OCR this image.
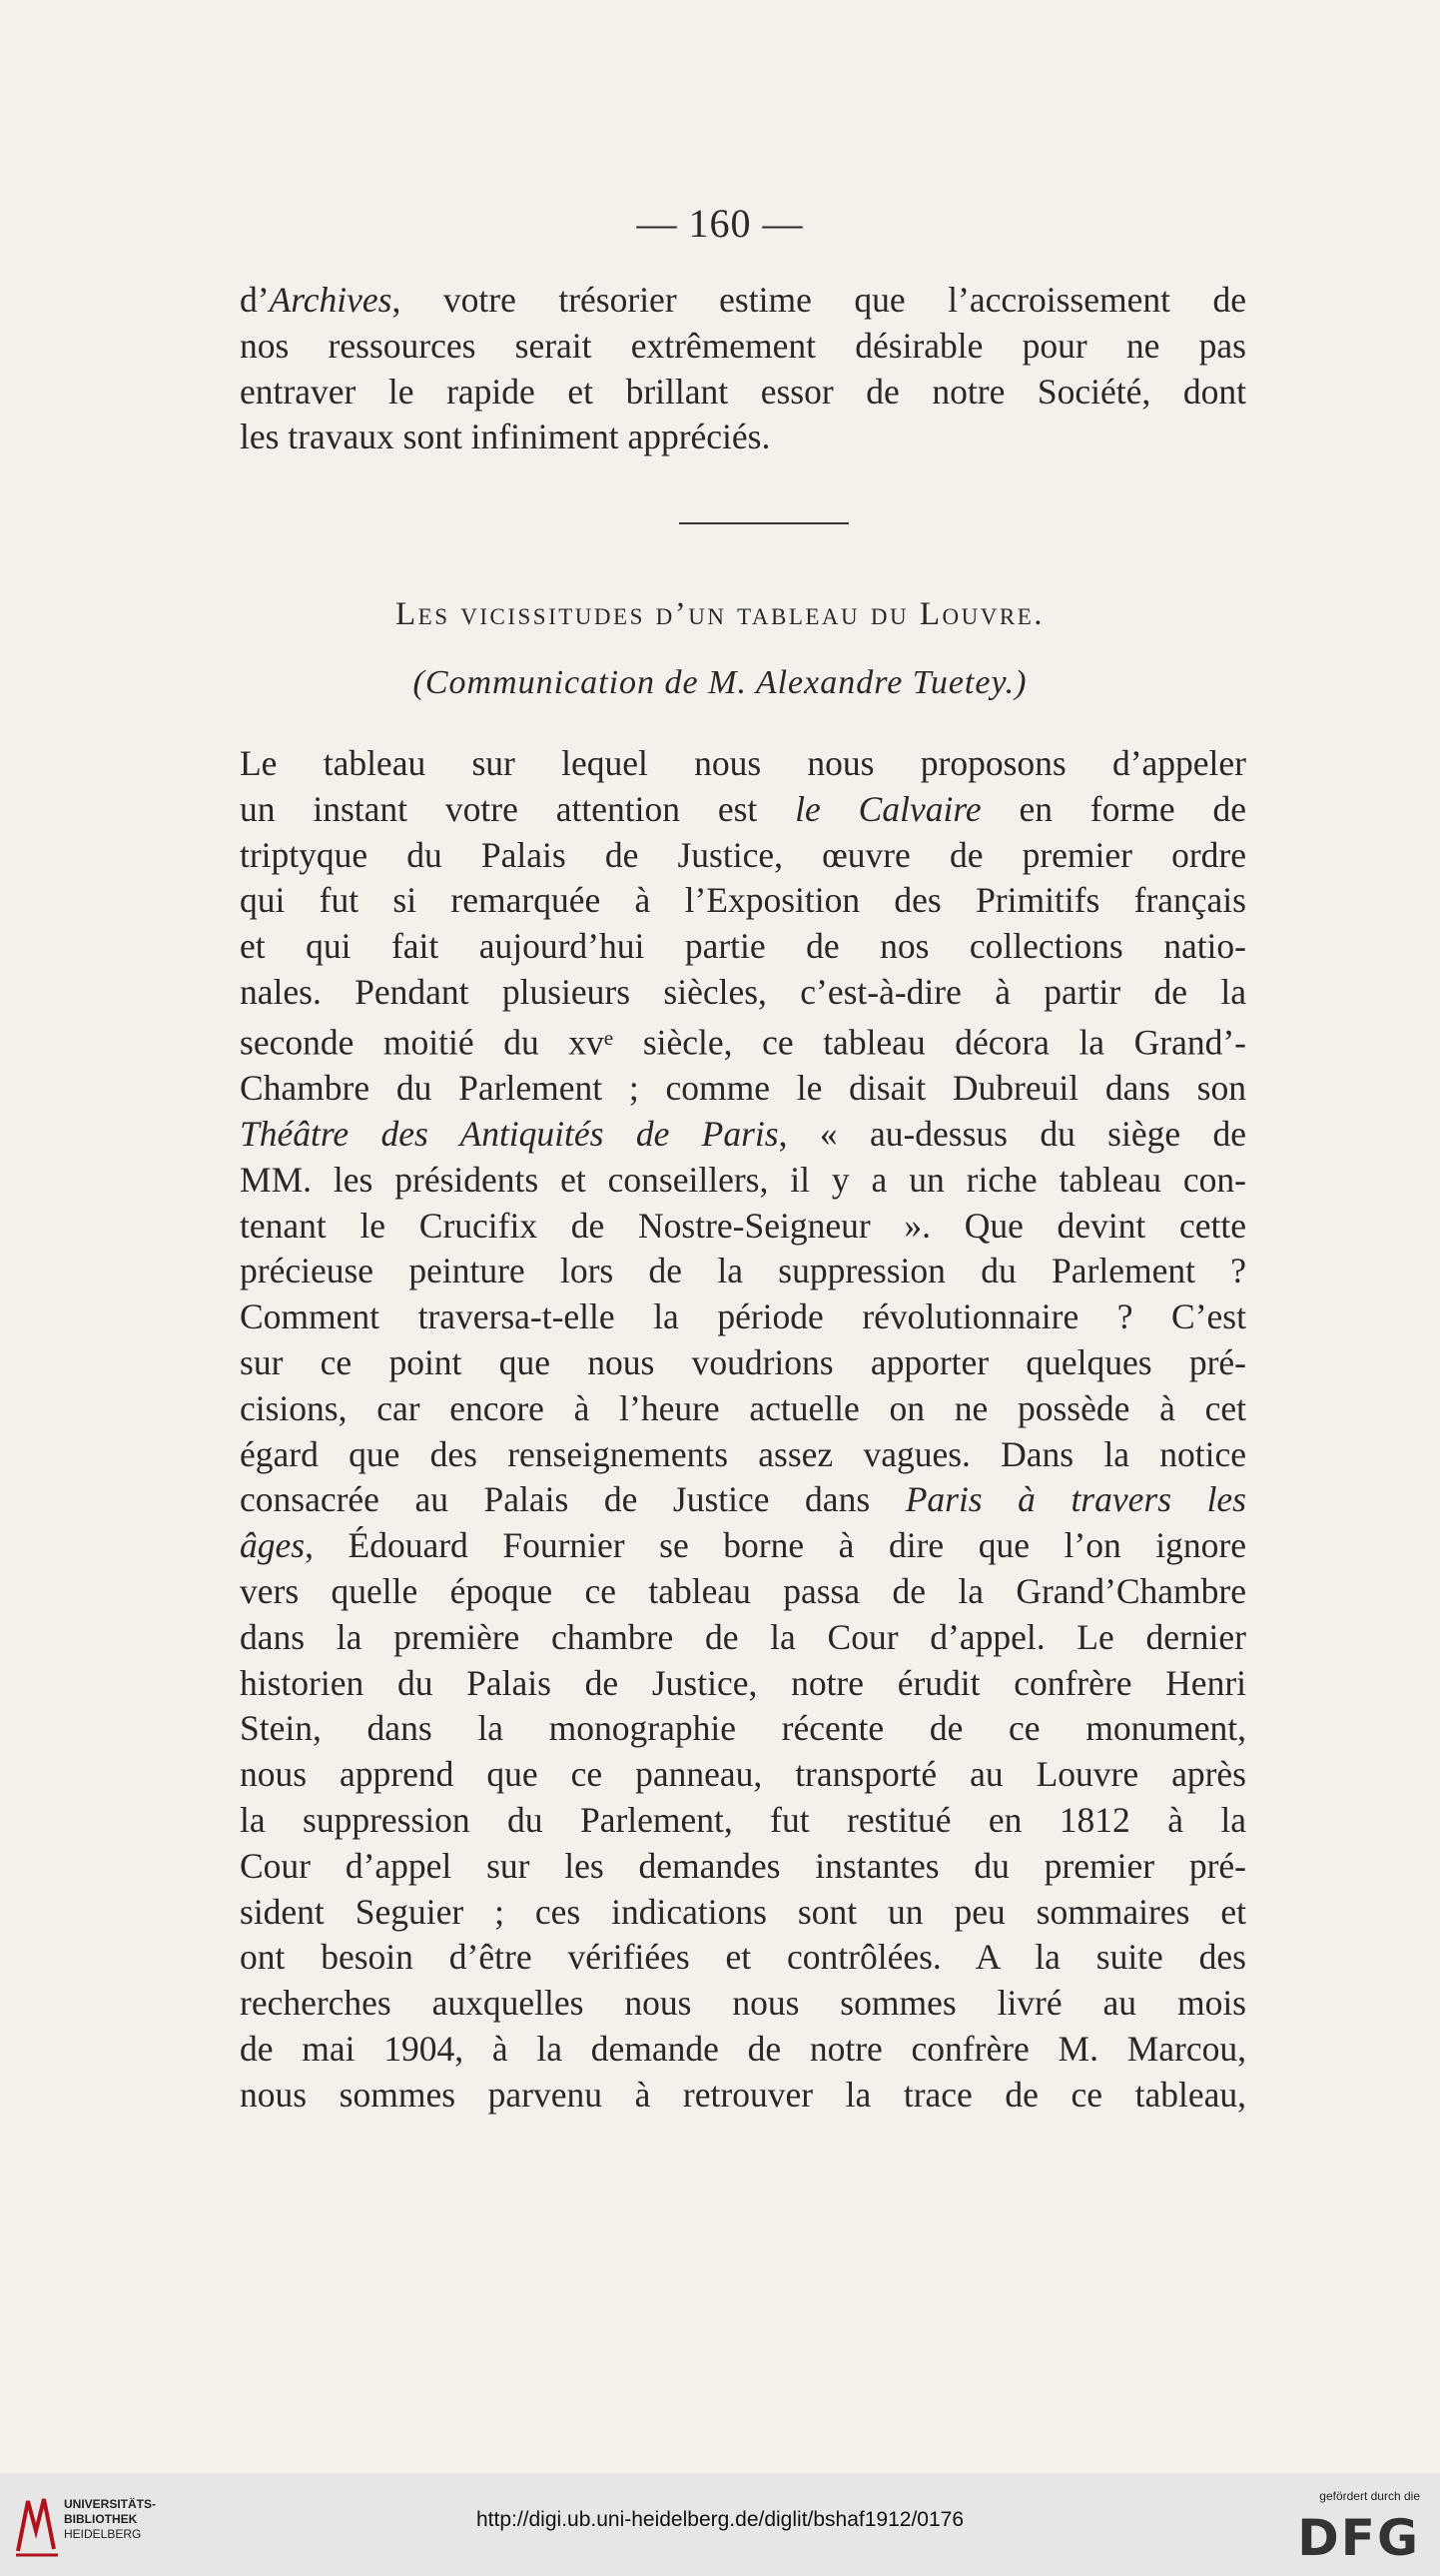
— 160 —
d’Archives, votre trésorier estime que l’accroissement de
nos ressources serait extrêmement désirable pour ne pas
entraver le rapide et brillant essor de notre Société, dont
les travaux sont infiniment appréciés.
Les vicissitudes d’un tableau du Louvre.
(Communication de M. Alexandre Tuetey.)
Le tableau sur lequel nous nous proposons d’appeler
un instant votre attention est le Calvaire en forme de
triptyque du Palais de Justice, œuvre de premier ordre
qui fut si remarquée à l’Exposition des Primitifs français
et qui fait aujourd’hui partie de nos collections natio-
nales. Pendant plusieurs siècles, c’est-à-dire à partir de la
seconde moitié du $xv^e$ siècle, ce tableau décora la Grand’-
Chambre du Parlement ; comme le disait Dubreuil dans son
Théâtre des Antiquités de Paris, « au-dessus du siège de
MM. les présidents et conseillers, il y a un riche tableau con-
tenant le Crucifix de Nostre-Seigneur ». Que devint cette
précieuse peinture lors de la suppression du Parlement ?
Comment traversa-t-elle la période révolutionnaire ? C’est
sur ce point que nous voudrions apporter quelques pré-
cisions, car encore à l’heure actuelle on ne possède à cet
égard que des renseignements assez vagues. Dans la notice
consacrée au Palais de Justice dans Paris à travers les
âges, Édouard Fournier se borne à dire que l’on ignore
vers quelle époque ce tableau passa de la Grand’Chambre
dans la première chambre de la Cour d’appel. Le dernier
historien du Palais de Justice, notre érudit confrère Henri
Stein, dans la monographie récente de ce monument,
nous apprend que ce panneau, transporté au Louvre après
la suppression du Parlement, fut restitué en 1812 à la
Cour d’appel sur les demandes instantes du premier pré-
sident Seguier ; ces indications sont un peu sommaires et
ont besoin d’être vérifiées et contrôlées. A la suite des
recherches auxquelles nous nous sommes livré au mois
de mai 1904, à la demande de notre confrère M. Marcou,
nous sommes parvenu à retrouver la trace de ce tableau,
UNIVERSITÄTS-
BIBLIOTHEK
HEIDELBERG
http://digi.ub.uni-heidelberg.de/diglit/bshaf1912/0176
gefördert durch die
DFG
